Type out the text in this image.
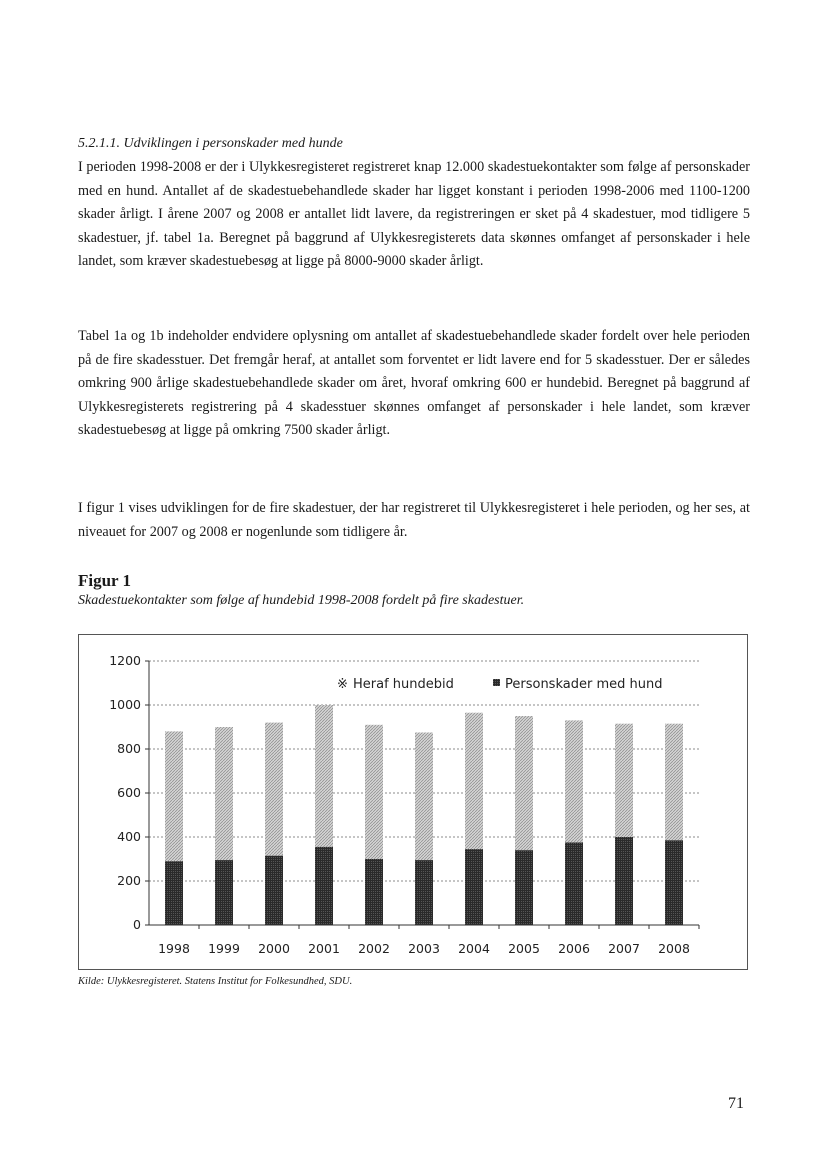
5.2.1.1. Udviklingen i personskader med hunde

I perioden 1998-2008 er der i Ulykkesregisteret registreret knap 12.000 skadestuekontakter som følge af personskader med en hund. Antallet af de skadestuebehandlede skader har ligget konstant i perioden 1998-2006 med 1100-1200 skader årligt. I årene 2007 og 2008 er antallet lidt lavere, da registreringen er sket på 4 skadestuer, mod tidligere 5 skadestuer, jf. tabel 1a. Beregnet på baggrund af Ulykkesregisterets data skønnes omfanget af personskader i hele landet, som kræver skadestuebesøg at ligge på 8000-9000 skader årligt.

Tabel 1a og 1b indeholder endvidere oplysning om antallet af skadestuebehandlede skader fordelt over hele perioden på de fire skadesstuer. Det fremgår heraf, at antallet som forventet er lidt lavere end for 5 skadesstuer. Der er således omkring 900 årlige skadestuebehandlede skader om året, hvoraf omkring 600 er hundebid. Beregnet på baggrund af Ulykkesregisterets registrering på 4 skadesstuer skønnes omfanget af personskader i hele landet, som kræver skadestuebesøg at ligge på omkring 7500 skader årligt.

I figur 1 vises udviklingen for de fire skadestuer, der har registreret til Ulykkesregisteret i hele perioden, og her ses, at niveauet for 2007 og 2008 er nogenlunde som tidligere år.

Figur 1

Skadestuekontakter som følge af hundebid 1998-2008 fordelt på fire skadestuer.

0
200
400
600
800
1000
1200
1998 1999 2000 2001 2002 2003 2004 2005 2006 2007 2008
※ Heraf hundebid	Personskader med hund

Kilde: Ulykkesregisteret. Statens Institut for Folkesundhed, SDU.

71
